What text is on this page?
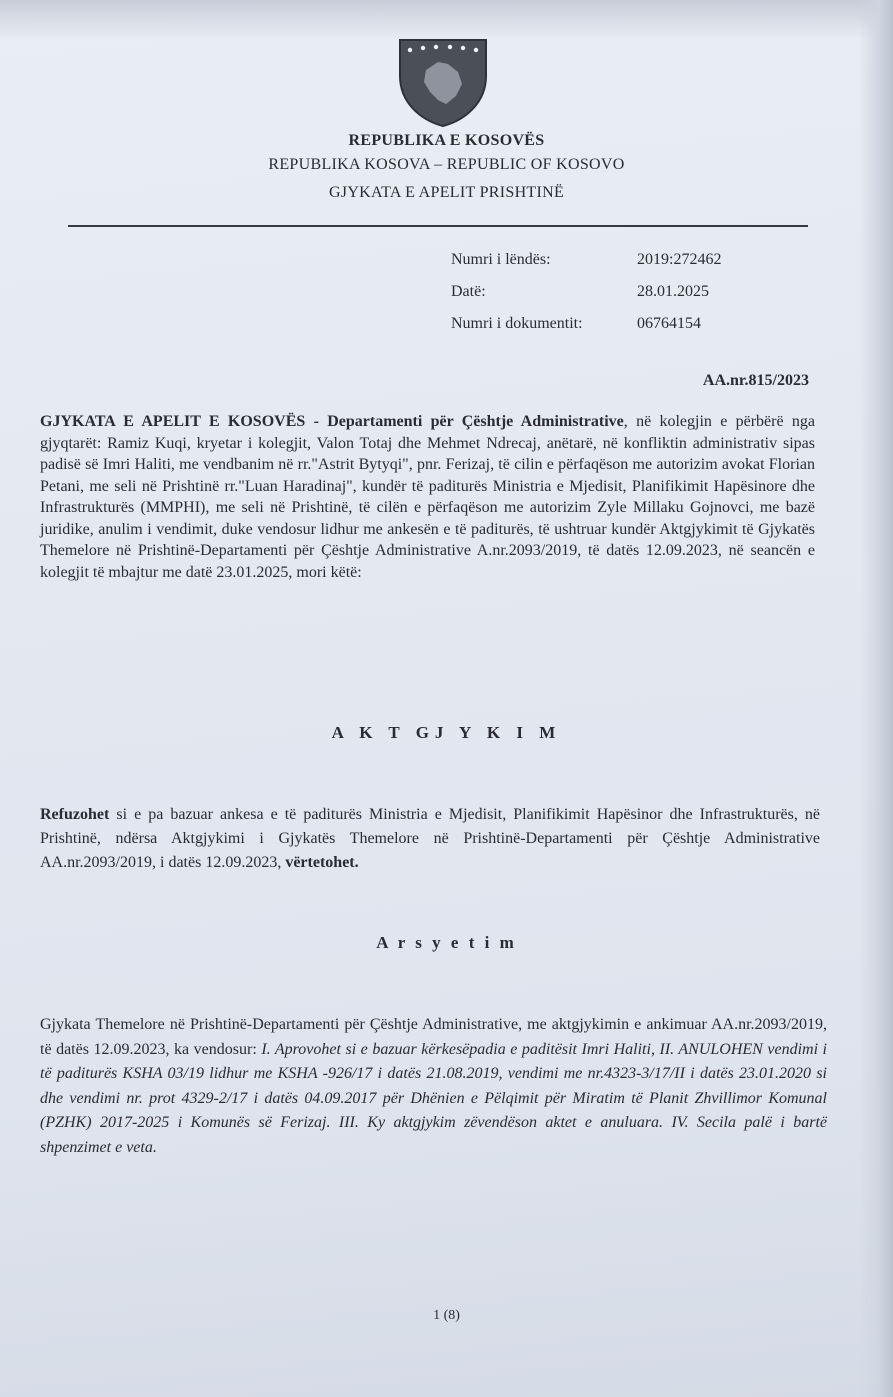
REPUBLIKA E KOSOVËS
REPUBLIKA KOSOVA – REPUBLIC OF KOSOVO
GJYKATA E APELIT PRISHTINË
Numri i lëndës:	2019:272462
Datë:	28.01.2025
Numri i dokumentit:	06764154
AA.nr.815/2023
GJYKATA E APELIT E KOSOVËS - Departamenti për Çështje Administrative, në kolegjin e përbërë nga gjyqtarët: Ramiz Kuqi, kryetar i kolegjit, Valon Totaj dhe Mehmet Ndrecaj, anëtarë, në konfliktin administrativ sipas padisë së Imri Haliti, me vendbanim në rr."Astrit Bytyqi", pnr. Ferizaj, të cilin e përfaqëson me autorizim avokat Florian Petani, me seli në Prishtinë rr."Luan Haradinaj", kundër të paditurës Ministria e Mjedisit, Planifikimit Hapësinore dhe Infrastrukturës (MMPHI), me seli në Prishtinë, të cilën e përfaqëson me autorizim Zyle Millaku Gojnovci, me bazë juridike, anulim i vendimit, duke vendosur lidhur me ankesën e të paditurës, të ushtruar kundër Aktgjykimit të Gjykatës Themelore në Prishtinë-Departamenti për Çështje Administrative A.nr.2093/2019, të datës 12.09.2023, në seancën e kolegjit të mbajtur me datë 23.01.2025, mori këtë:
A K T GJ Y K I M
Refuzohet si e pa bazuar ankesa e të paditurës Ministria e Mjedisit, Planifikimit Hapësinor dhe Infrastrukturës, në Prishtinë, ndërsa Aktgjykimi i Gjykatës Themelore në Prishtinë-Departamenti për Çështje Administrative AA.nr.2093/2019, i datës 12.09.2023, vërtetohet.
A r s y e t i m
Gjykata Themelore në Prishtinë-Departamenti për Çështje Administrative, me aktgjykimin e ankimuar AA.nr.2093/2019, të datës 12.09.2023, ka vendosur: I. Aprovohet si e bazuar kërkesëpadia e paditësit Imri Haliti, II. ANULOHEN vendimi i të paditurës KSHA 03/19 lidhur me KSHA -926/17 i datës 21.08.2019, vendimi me nr.4323-3/17/II i datës 23.01.2020 si dhe vendimi nr. prot 4329-2/17 i datës 04.09.2017 për Dhënien e Pëlqimit për Miratim të Planit Zhvillimor Komunal (PZHK) 2017-2025 i Komunës së Ferizaj. III. Ky aktgjykim zëvendëson aktet e anuluara. IV. Secila palë i bartë shpenzimet e veta.
1 (8)
